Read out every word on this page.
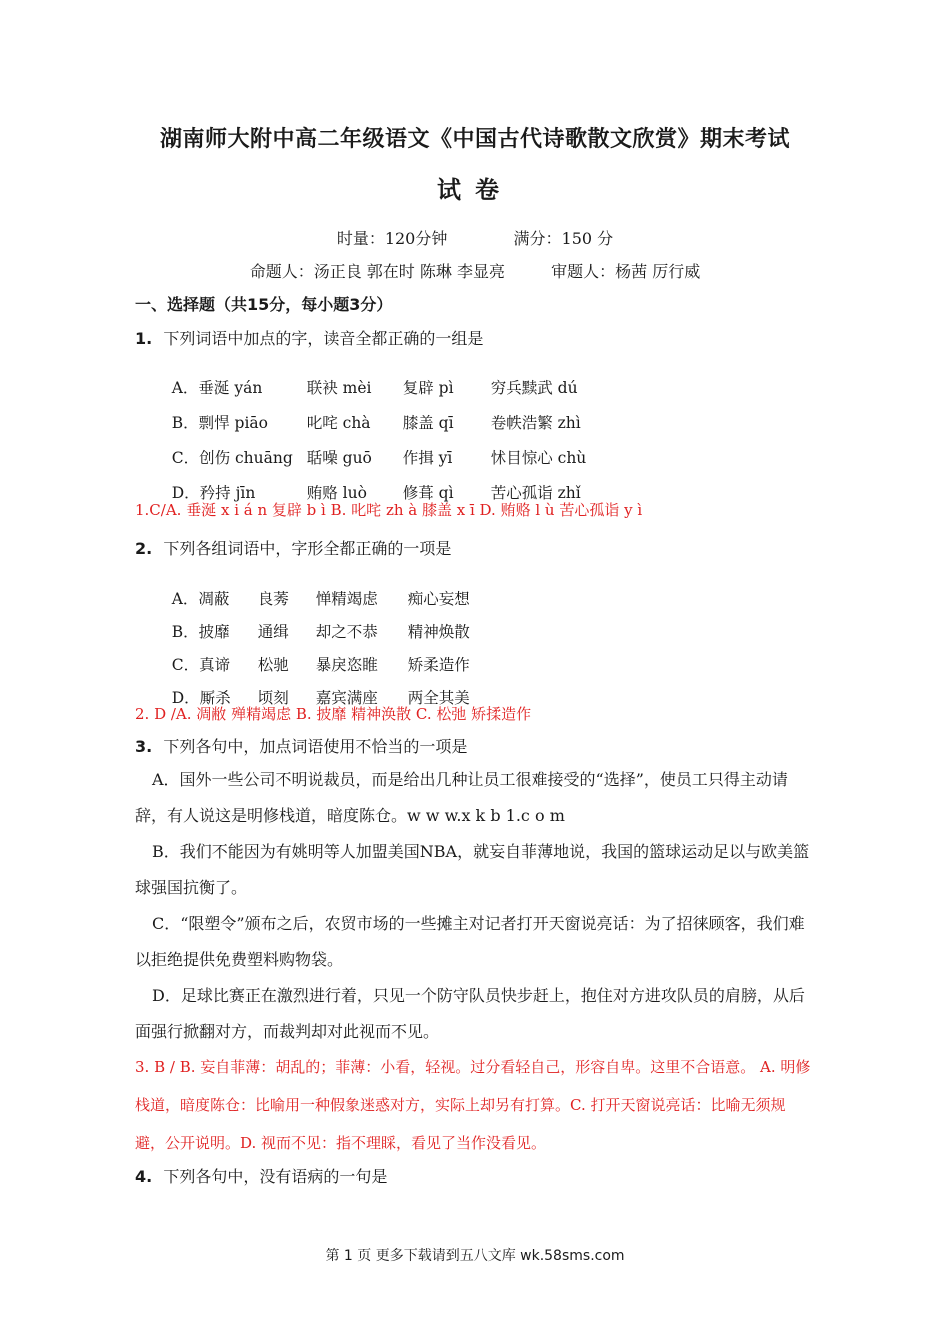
湖南师大附中高二年级语文《中国古代诗歌散文欣赏》期末考试
试卷
时量：120分钟	满分：150 分
命题人：汤正良 郭在时 陈琳 李显亮	审题人：杨茜 厉行威
一、选择题（共15分，每小题3分）
1. 下列词语中加点的字，读音全都正确的一组是

A．垂涎 yán	联袂 mèi 复辟 pì 穷兵黩武 dú

B．剽悍 piāo 叱咤 chà 膝盖 qī 卷帙浩繁 zhì

C．创伤 chuāng 聒噪 guō 作揖 yī 怵目惊心 chù

D．矜持 jīn	贿赂 luò 修葺 qì 苦心孤诣 zhǐ

1.C/A. 垂涎 x i á n 复辟 b ì B. 叱咤 zh à 膝盖 x ī D. 贿赂 l ù 苦心孤诣 y ì
2. 下列各组词语中，字形全都正确的一项是

A．凋蔽 良莠 惮精竭虑 痴心妄想

B．披靡 通缉 却之不恭 精神焕散

C．真谛 松驰 暴戾恣睢 矫柔造作

D．厮杀 顷刻 嘉宾满座 两全其美

2. D /A. 凋敝 殚精竭虑 B. 披靡 精神涣散 C. 松弛 矫揉造作
3. 下列各句中，加点词语使用不恰当的一项是
A．国外一些公司不明说裁员，而是给出几种让员工很难接受的“选择”，使员工只得主动请辞，有人说这是明修栈道，暗度陈仓。w w w.x k b 1.c o m
B．我们不能因为有姚明等人加盟美国NBA，就妄自菲薄地说，我国的篮球运动足以与欧美篮球强国抗衡了。
C．“限塑令”颁布之后，农贸市场的一些摊主对记者打开天窗说亮话：为了招徕顾客，我们难以拒绝提供免费塑料购物袋。
D．足球比赛正在激烈进行着，只见一个防守队员快步赶上，抱住对方进攻队员的肩膀，从后面强行掀翻对方，而裁判却对此视而不见。
3. B / B. 妄自菲薄：胡乱的；菲薄：小看，轻视。过分看轻自己，形容自卑。这里不合语意。 A. 明修栈道，暗度陈仓：比喻用一种假象迷惑对方，实际上却另有打算。C. 打开天窗说亮话：比喻无须规避，公开说明。D. 视而不见：指不理睬，看见了当作没看见。
4. 下列各句中，没有语病的一句是
第 1 页 更多下载请到五八文库 wk.58sms.com
